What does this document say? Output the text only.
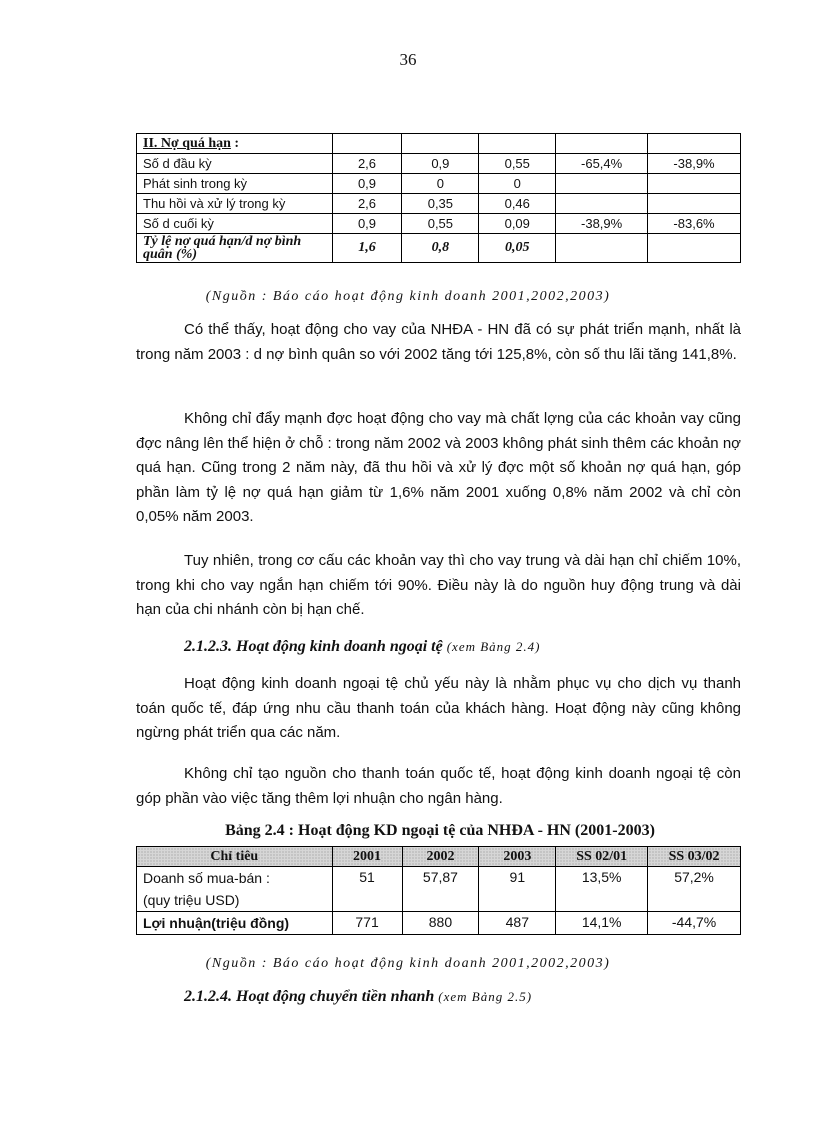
36
II. Nợ quá hạn :					
Số d đầu kỳ	2,6	0,9	0,55	-65,4%	-38,9%
Phát sinh trong kỳ	0,9	0	0		
Thu hồi và xử lý trong kỳ	2,6	0,35	0,46		
Số d cuối kỳ	0,9	0,55	0,09	-38,9%	-83,6%
Tỷ lệ nợ quá hạn/d nợ bình quân (%)	1,6	0,8	0,05		
(Nguồn : Báo cáo hoạt động kinh doanh 2001,2002,2003)

Có thể thấy, hoạt động cho vay của NHĐA - HN đã có sự phát triển mạnh, nhất là trong năm 2003 : d nợ bình quân so với 2002 tăng tới 125,8%, còn số thu lãi tăng 141,8%.

Không chỉ đẩy mạnh đợc hoạt động cho vay mà chất lợng của các khoản vay cũng đợc nâng lên thể hiện ở chỗ : trong năm 2002 và 2003 không phát sinh thêm các khoản nợ quá hạn. Cũng trong 2 năm này, đã thu hồi và xử lý đợc một số khoản nợ quá hạn, góp phần làm tỷ lệ nợ quá hạn giảm từ 1,6% năm 2001 xuống 0,8% năm 2002 và chỉ còn 0,05% năm 2003.

Tuy nhiên, trong cơ cấu các khoản vay thì cho vay trung và dài hạn chỉ chiếm 10%, trong khi cho vay ngắn hạn chiếm tới 90%. Điều này là do nguồn huy động trung và dài hạn của chi nhánh còn bị hạn chế.

2.1.2.3. Hoạt động kinh doanh ngoại tệ (xem Bảng 2.4)

Hoạt động kinh doanh ngoại tệ chủ yếu này là nhằm phục vụ cho dịch vụ thanh toán quốc tế, đáp ứng nhu cầu thanh toán của khách hàng. Hoạt động này cũng không ngừng phát triển qua các năm.

Không chỉ tạo nguồn cho thanh toán quốc tế, hoạt động kinh doanh ngoại tệ còn góp phần vào việc tăng thêm lợi nhuận cho ngân hàng.

Bảng 2.4 : Hoạt động KD ngoại tệ của NHĐA - HN (2001-2003)

Chỉ tiêu	2001	2002	2003	SS 02/01	SS 03/02
Doanh số mua-bán :
(quy triệu USD)	51	57,87	91	13,5%	57,2%
Lợi nhuận(triệu đồng)	771	880	487	14,1%	-44,7%
(Nguồn : Báo cáo hoạt động kinh doanh 2001,2002,2003)

2.1.2.4. Hoạt động chuyển tiền nhanh (xem Bảng 2.5)
